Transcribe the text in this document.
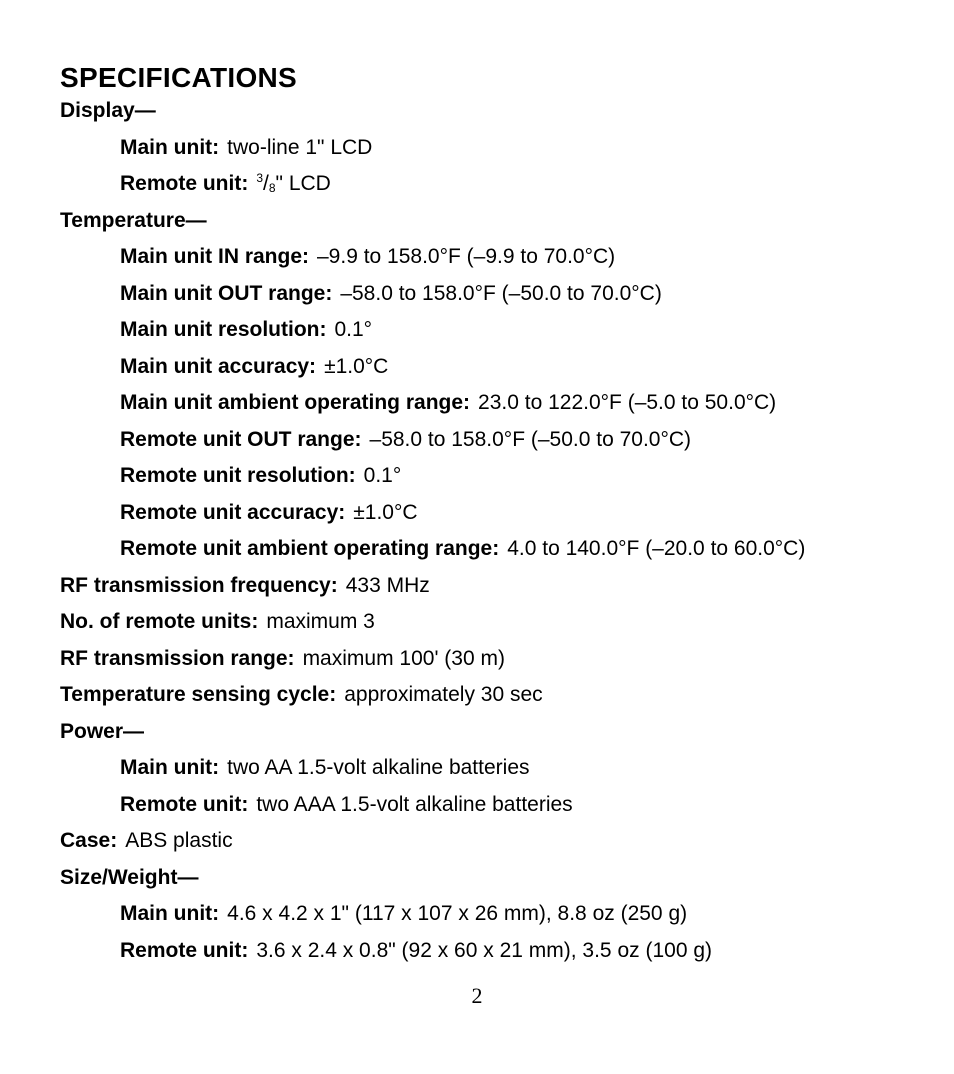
SPECIFICATIONS
Display—
Main unit: two-line 1" LCD
Remote unit: $^3/_8$" LCD
Temperature—
Main unit IN range: –9.9 to 158.0°F (–9.9 to 70.0°C)
Main unit OUT range: –58.0 to 158.0°F (–50.0 to 70.0°C)
Main unit resolution: 0.1°
Main unit accuracy: ±1.0°C
Main unit ambient operating range: 23.0 to 122.0°F (–5.0 to 50.0°C)
Remote unit OUT range: –58.0 to 158.0°F (–50.0 to 70.0°C)
Remote unit resolution: 0.1°
Remote unit accuracy: ±1.0°C
Remote unit ambient operating range: 4.0 to 140.0°F (–20.0 to 60.0°C)
RF transmission frequency: 433 MHz
No. of remote units: maximum 3
RF transmission range: maximum 100' (30 m)
Temperature sensing cycle: approximately 30 sec
Power—
Main unit: two AA 1.5-volt alkaline batteries
Remote unit: two AAA 1.5-volt alkaline batteries
Case: ABS plastic
Size/Weight—
Main unit: 4.6 x 4.2 x 1" (117 x 107 x 26 mm), 8.8 oz (250 g)
Remote unit: 3.6 x 2.4 x 0.8" (92 x 60 x 21 mm), 3.5 oz (100 g)
2
